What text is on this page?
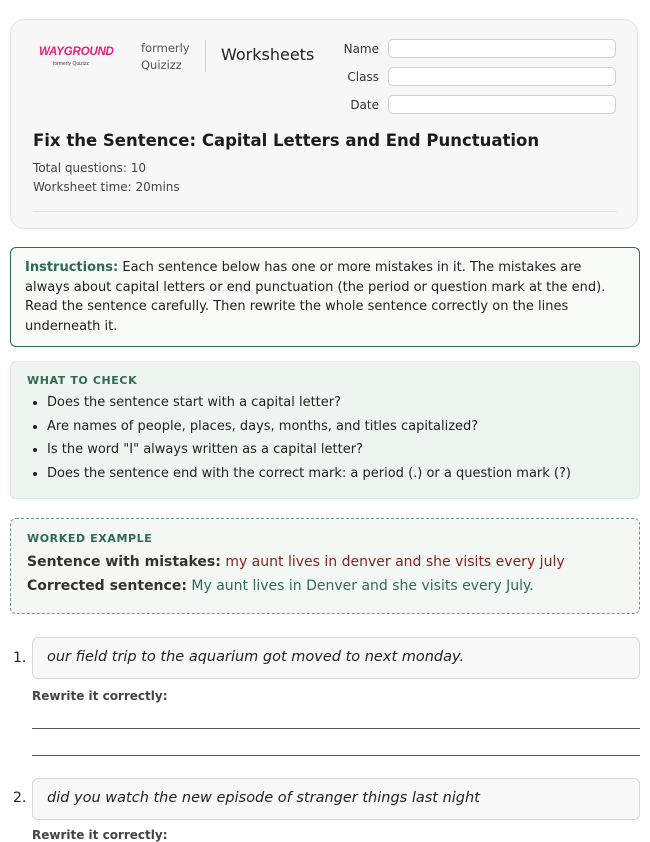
WAYGROUND
formerly Quizizz
formerly
Quizizz
Worksheets	Name
Class
Date
Fix the Sentence: Capital Letters and End Punctuation
Total questions: 10
Worksheet time: 20mins
Instructions: Each sentence below has one or more mistakes in it. The mistakes are always about capital letters or end punctuation (the period or question mark at the end). Read the sentence carefully. Then rewrite the whole sentence correctly on the lines underneath it.
WHAT TO CHECK
• Does the sentence start with a capital letter?
• Are names of people, places, days, months, and titles capitalized?
• Is the word "I" always written as a capital letter?
• Does the sentence end with the correct mark: a period (.) or a question mark (?)
WORKED EXAMPLE
Sentence with mistakes: my aunt lives in denver and she visits every july
Corrected sentence: My aunt lives in Denver and she visits every July.
1.	our field trip to the aquarium got moved to next monday.
Rewrite it correctly:
2.	did you watch the new episode of stranger things last night
Rewrite it correctly:
